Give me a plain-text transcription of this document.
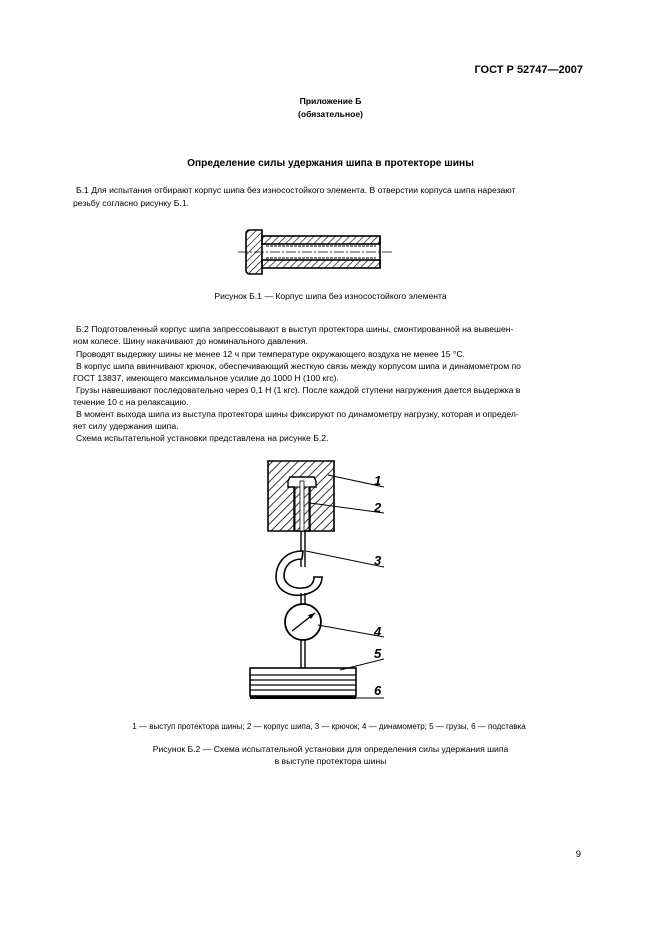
ГОСТ Р 52747—2007
Приложение Б
(обязательное)
Определение силы удержания шипа в протекторе шины
Б.1 Для испытания отбирают корпус шипа без износостойкого элемента. В отверстии корпуса шипа нарезают
резьбу согласно рисунку Б.1.
Рисунок Б.1 — Корпус шипа без износостойкого элемента
Б.2 Подготовленный корпус шипа запрессовывают в выступ протектора шины, смонтированной на вывешен-
ном колесе. Шину накачивают до номинального давления.
Проводят выдержку шины не менее 12 ч при температуре окружающего воздуха не менее 15 °С.
В корпус шипа ввинчивают крючок, обеспечивающий жесткую связь между корпусом шипа и динамометром по
ГОСТ 13837, имеющего максимальное усилие до 1000 Н (100 кгс).
Грузы навешивают последовательно через 0,1 Н (1 кгс). После каждой ступени нагружения дается выдержка в
течение 10 с на релаксацию.
В момент выхода шипа из выступа протектора шины фиксируют по динамометру нагрузку, которая и определ-
яет силу удержания шипа.
Схема испытательной установки представлена на рисунке Б.2.
1
2
3
4
5
6
1 — выступ протектора шины; 2 — корпус шипа, 3 — крючок; 4 — динамометр; 5 — грузы, 6 — подставка
Рисунок Б.2 — Схема испытательной установки для определения силы удержания шипа
в выступе протектора шины
9
